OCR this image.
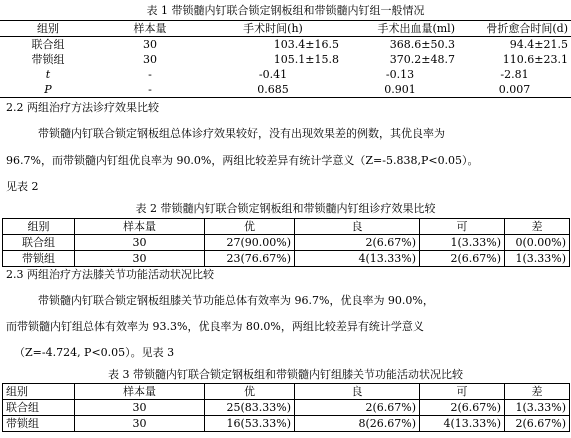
表 1 带锁髓内钉联合锁定钢板组和带锁髓内钉组一般情况
组别	样本量	手术时间(h)	手术出血量(ml)	骨折愈合时间(d)
联合组	30	103.4±16.5	368.6±50.3	94.4±21.5
带锁组	30	105.1±15.8	370.2±48.7	110.6±23.1
t	-	-0.41	-0.13	-2.81
P	-	0.685	0.901	0.007
2.2 两组治疗方法诊疗效果比较
带锁髓内钉联合锁定钢板组总体诊疗效果较好，没有出现效果差的例数，其优良率为
96.7%，而带锁髓内钉组优良率为 90.0%，两组比较差异有统计学意义（Z=-5.838,P<0.05）。
见表 2
表 2 带锁髓内钉联合锁定钢板组和带锁髓内钉组诊疗效果比较
组别	样本量	优	良	可	差
联合组	30	27(90.00%)	2(6.67%)	1(3.33%)	0(0.00%)
带锁组	30	23(76.67%)	4(13.33%)	2(6.67%)	1(3.33%)
2.3 两组治疗方法膝关节功能活动状况比较
带锁髓内钉联合锁定钢板组膝关节功能总体有效率为 96.7%，优良率为 90.0%，
而带锁髓内钉组总体有效率为 93.3%，优良率为 80.0%，两组比较差异有统计学意义
（Z=-4.724, P<0.05）。见表 3
表 3 带锁髓内钉联合锁定钢板组和带锁髓内钉组膝关节功能活动状况比较
组别	样本量	优	良	可	差
联合组	30	25(83.33%)	2(6.67%)	2(6.67%)	1(3.33%)
带锁组	30	16(53.33%)	8(26.67%)	4(13.33%)	2(6.67%)
